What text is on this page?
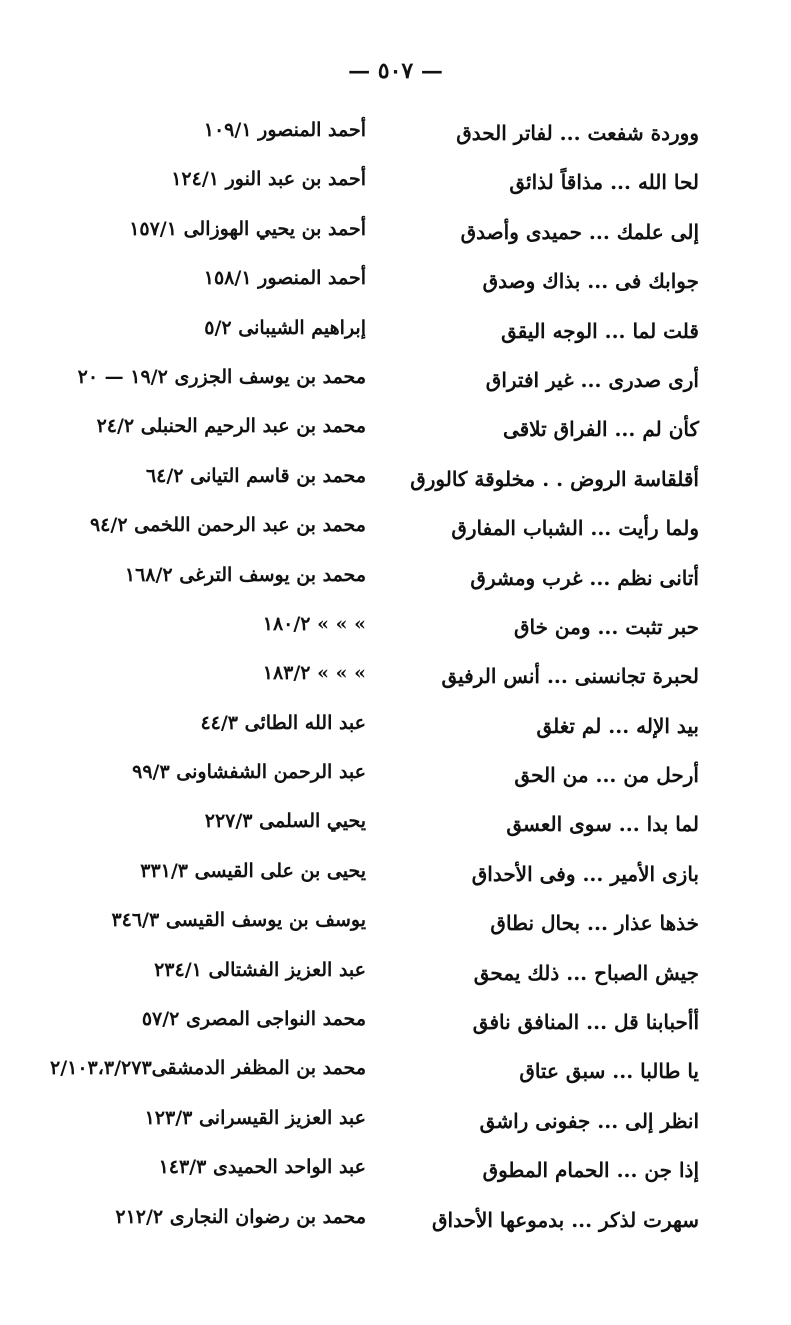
— ٥٠٧ —
ووردة شفعت ... لفاتر الحدق
أحمد المنصور ١٠٩/١
لحا الله ... مذاقاً لذائق
أحمد بن عبد النور ١٢٤/١
إلى علمك ... حميدى وأصدق
أحمد بن يحيي الهوزالى ١٥٧/١
جوابك فى ... بذاك وصدق
أحمد المنصور ١٥٨/١
قلت لما ... الوجه اليقق
إبراهيم الشيبانى ٥/٢
أرى صدرى ... غير افتراق
محمد بن يوسف الجزرى ١٩/٢ — ٢٠
كأن لم ... الفراق تلاقى
محمد بن عبد الرحيم الحنبلى ٢٤/٢
أقلقاسة الروض . . مخلوقة كالورق
محمد بن قاسم التيانى ٦٤/٢
ولما رأيت ... الشباب المفارق
محمد بن عبد الرحمن اللخمى ٩٤/٢
أتانى نظم ... غرب ومشرق
محمد بن يوسف الترغى ١٦٨/٢
حبر تثبت ... ومن خاق
» » » ١٨٠/٢
لحبرة تجانسنى ... أنس الرفيق
» » » ١٨٣/٢
بيد الإله ... لم تغلق
عبد الله الطائى ٤٤/٣
أرحل من ... من الحق
عبد الرحمن الشفشاونى ٩٩/٣
لما بدا ... سوى العسق
يحيي السلمى ٢٢٧/٣
بازى الأمير ... وفى الأحداق
يحيى بن على القيسى ٣٣١/٣
خذها عذار ... بحال نطاق
يوسف بن يوسف القيسى ٣٤٦/٣
جيش الصباح ... ذلك يمحق
عبد العزيز الفشتالى ٢٣٤/١
أأحبابنا قل ... المنافق نافق
محمد النواجى المصرى ٥٧/٢
يا طالبا ... سبق عتاق
محمد بن المظفر الدمشقى٢/١٠٣،٣/٢٧٣
انظر إلى ... جفونى راشق
عبد العزيز القيسرانى ١٢٣/٣
إذا جن ... الحمام المطوق
عبد الواحد الحميدى ١٤٣/٣
سهرت لذكر ... بدموعها الأحداق
محمد بن رضوان النجارى ٢١٢/٢
